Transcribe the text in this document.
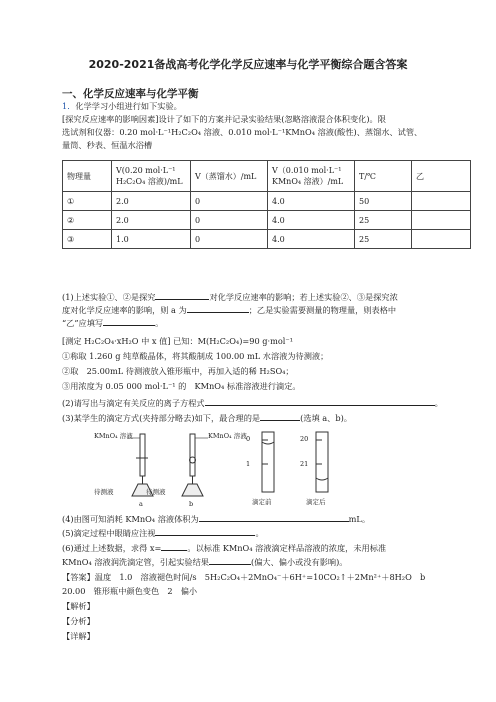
2020-2021备战高考化学化学反应速率与化学平衡综合题含答案
一、化学反应速率与化学平衡
1．化学学习小组进行如下实验。
[探究反应速率的影响因素]设计了如下的方案并记录实验结果(忽略溶液混合体积变化)。限
选试剂和仪器：0.20 mol·L⁻¹H₂C₂O₄ 溶液、0.010 mol·L⁻¹KMnO₄ 溶液(酸性)、蒸馏水、试管、
量筒、秒表、恒温水浴槽
物理量	V(0.20 mol·L⁻¹ H₂C₂O₄ 溶液)/mL	V（蒸馏水）/mL	V（0.010 mol·L⁻¹ KMnO₄ 溶液）/mL	T/℃	乙
①	2.0	0	4.0	50	
②	2.0	0	4.0	25	
③	1.0	0	4.0	25	
(1)上述实验①、②是探究	对化学反应速率的影响；若上述实验②、③是探究浓
度对化学反应速率的影响，则 a 为	；乙是实验需要测量的物理量，则表格中
“乙”应填写	。
[测定 H₂C₂O₄·xH₂O 中 x 值] 已知：M(H₂C₂O₄)=90 g·mol⁻¹
①称取 1.260 g 纯草酸晶体，将其酸制成 100.00 mL 水溶液为待测液；
②取　25.00mL 待测液放入锥形瓶中，再加入适的稀 H₂SO₄；
③用浓度为 0.05 000 mol·L⁻¹ 的　KMnO₄ 标准溶液进行滴定。
(2)请写出与滴定有关反应的离子方程式	。
(3)某学生的滴定方式(夹持部分略去)如下，最合理的是	(选填 a、b)。
KMnO₄ 溶液	KMnO₄ 溶液
待测液	待测液
a	b
0
1
20
21
滴定前	滴定后
(4)由图可知消耗 KMnO₄ 溶液体积为	mL。
(5)滴定过程中眼睛应注视	。
(6)通过上述数据，求得 x=	。以标准 KMnO₄ 溶液滴定样品溶液的浓度，未用标准
KMnO₄ 溶液润洗滴定管，引起实验结果	(偏大、偏小或没有影响)。
【答案】温度　1.0　溶液褪色时间/s　5H₂C₂O₄＋2MnO₄⁻＋6H⁺=10CO₂↑＋2Mn²⁺＋8H₂O　b
20.00　锥形瓶中颜色变色　2　偏小
【解析】
【分析】
【详解】
